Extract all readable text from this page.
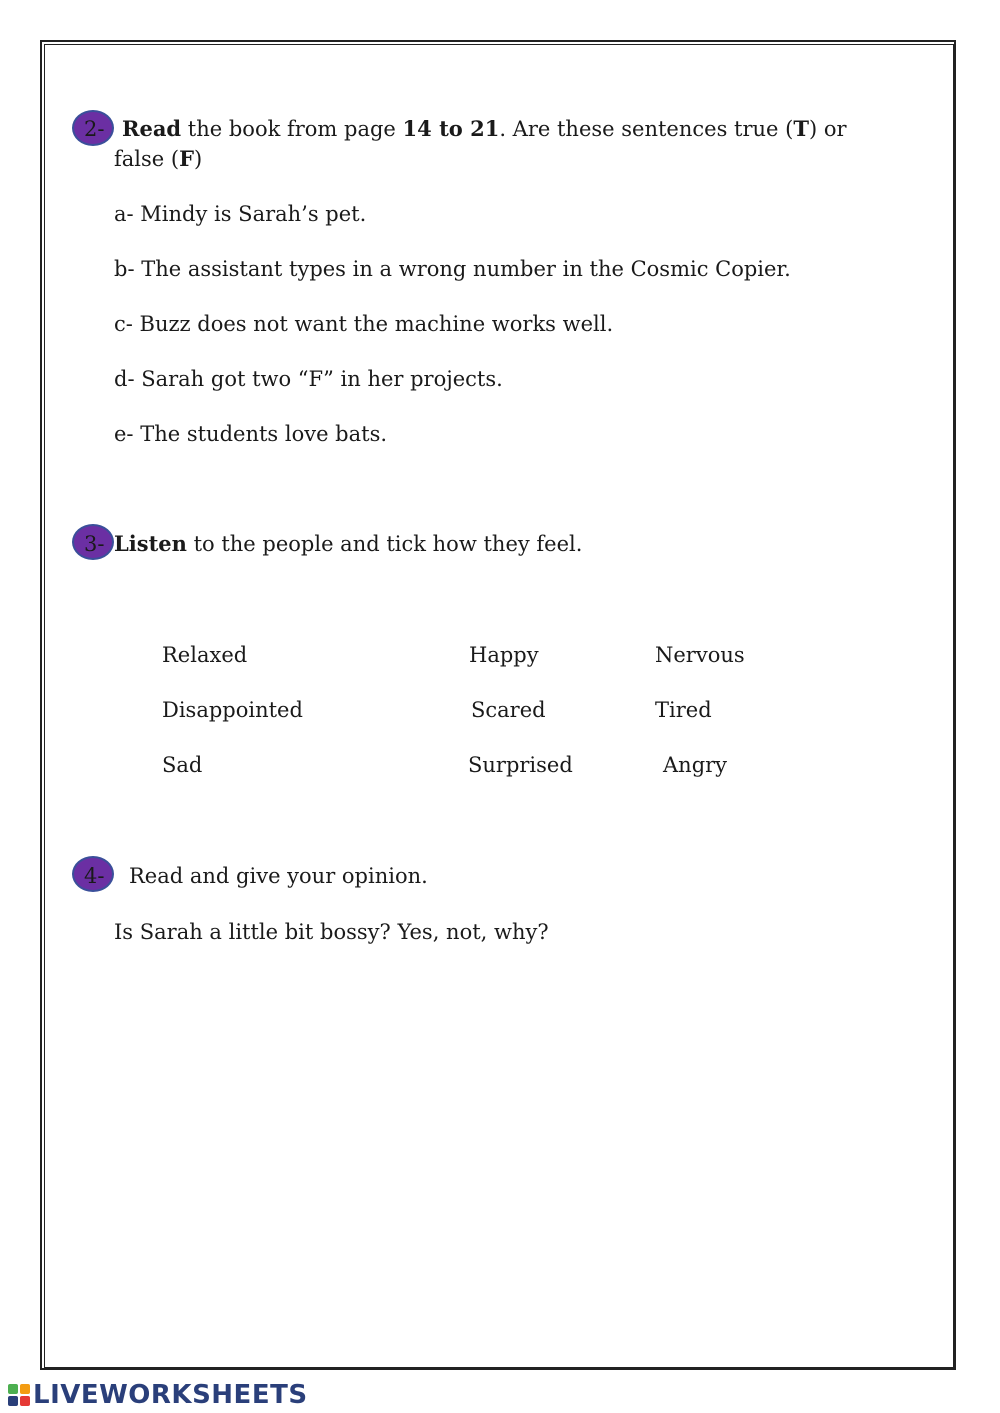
2- Read the book from page 14 to 21. Are these sentences true (T) or
false (F)
a- Mindy is Sarah’s pet.
b- The assistant types in a wrong number in the Cosmic Copier.
c- Buzz does not want the machine works well.
d- Sarah got two “F” in her projects.
e- The students love bats.
3- Listen to the people and tick how they feel.
Relaxed	Happy	Nervous
Disappointed	Scared	Tired
Sad	Surprised	Angry
4- Read and give your opinion.
Is Sarah a little bit bossy? Yes, not, why?
LIVEWORKSHEETS
